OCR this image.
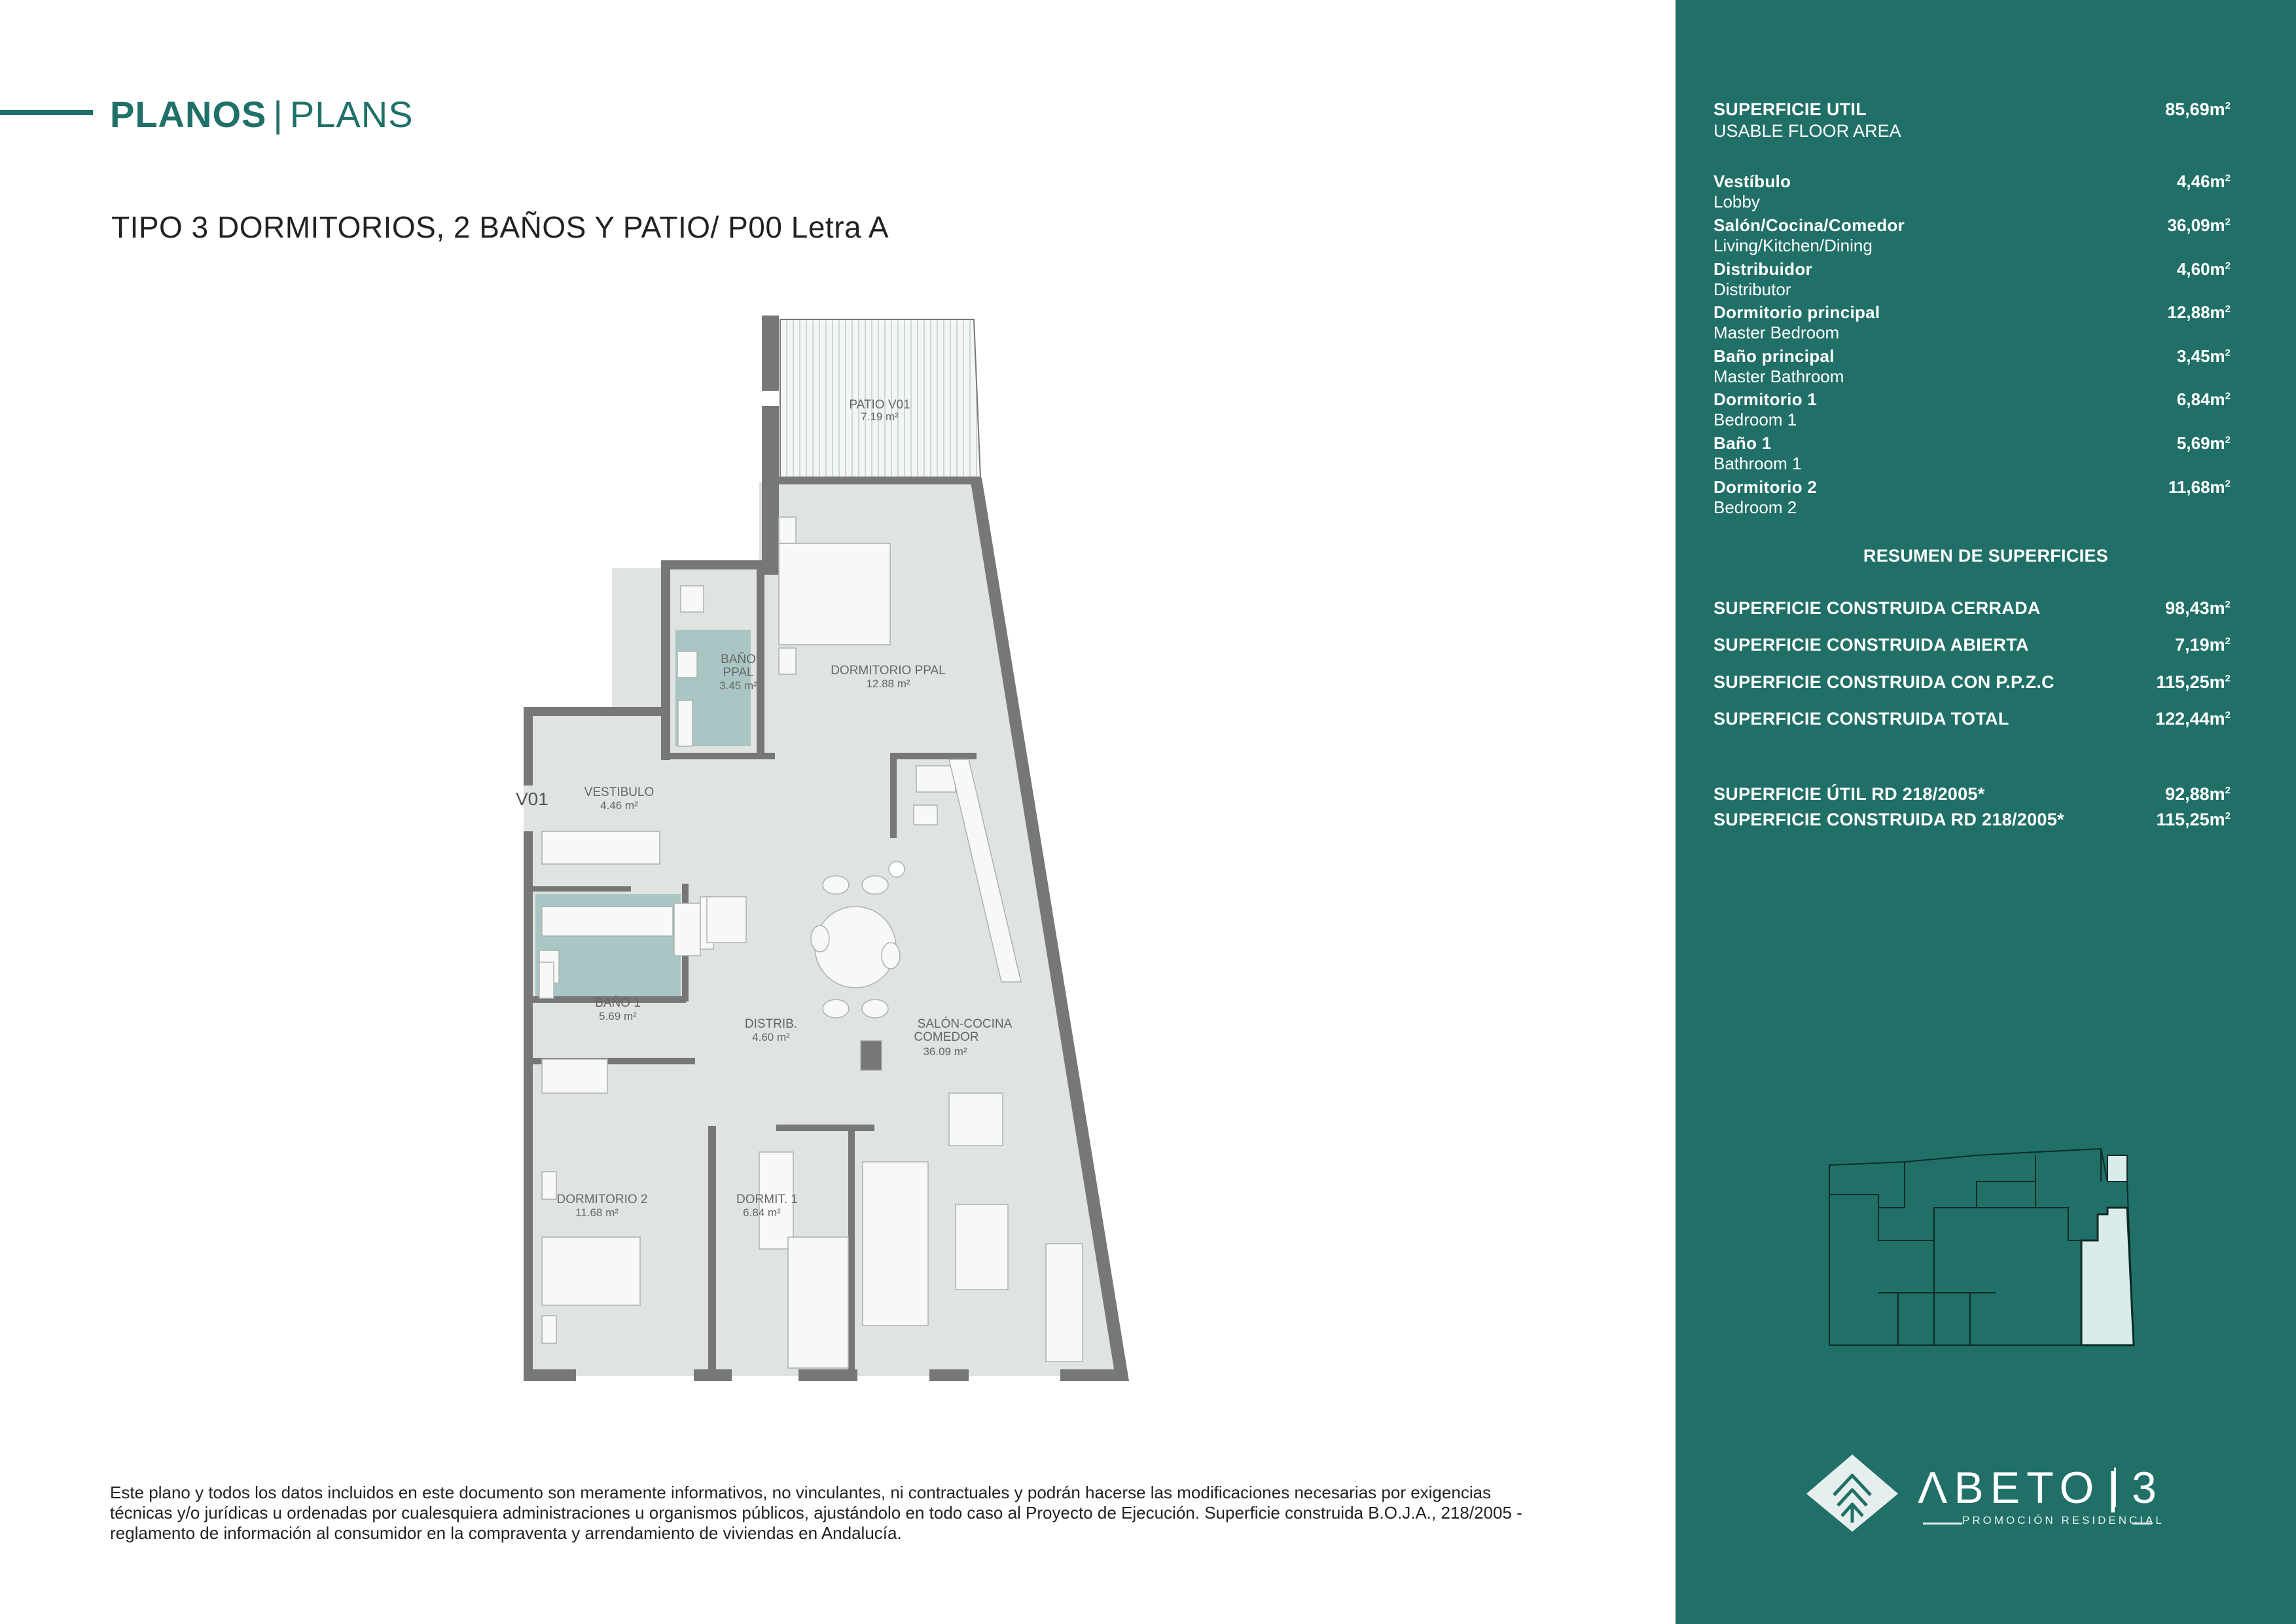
PLANOS | PLANS
TIPO 3 DORMITORIOS, 2 BAÑOS Y PATIO/ P00 Letra A
PATIO V01
7.19 m²
DORMITORIO PPAL
12.88 m²
BAÑO
PPAL
3.45 m²
VESTIBULO
4.46 m²
V01
BAÑO 1
5.69 m²
DISTRIB.
4.60 m²
SALÓN-COCINA
COMEDOR
36.09 m²
DORMITORIO 2
11.68 m²
DORMIT. 1
6.84 m²
Este plano y todos los datos incluidos en este documento son meramente informativos, no vinculantes, ni contractuales y podrán hacerse las modificaciones necesarias por exigencias técnicas y/o jurídicas u ordenadas por cualesquiera administraciones u organismos públicos, ajustándolo en todo caso al Proyecto de Ejecución. Superficie construida B.O.J.A., 218/2005 - reglamento de información al consumidor en la compraventa y arrendamiento de viviendas en Andalucía.
SUPERFICIE UTIL	$85,69m^2$
USABLE FLOOR AREA
RESUMEN DE SUPERFICIES
Vestíbulo	$4,46m^2$
Lobby
Salón/Cocina/Comedor	$36,09m^2$
Living/Kitchen/Dining
Distribuidor	$4,60m^2$
Distributor
Dormitorio principal	$12,88m^2$
Master Bedroom
Baño principal	$3,45m^2$
Master Bathroom
Dormitorio 1	$6,84m^2$
Bedroom 1
Baño 1	$5,69m^2$
Bathroom 1
Dormitorio 2	$11,68m^2$
Bedroom 2
SUPERFICIE CONSTRUIDA CERRADA	$98,43m^2$
SUPERFICIE CONSTRUIDA ABIERTA	$7,19m^2$
SUPERFICIE CONSTRUIDA CON P.P.Z.C	$115,25m^2$
SUPERFICIE CONSTRUIDA TOTAL	$122,44m^2$
SUPERFICIE ÚTIL RD 218/2005*	$92,88m^2$
SUPERFICIE CONSTRUIDA RD 218/2005*	$115,25m^2$
ΛBETO | 3
PROMOCIÓN RESIDENCIAL
